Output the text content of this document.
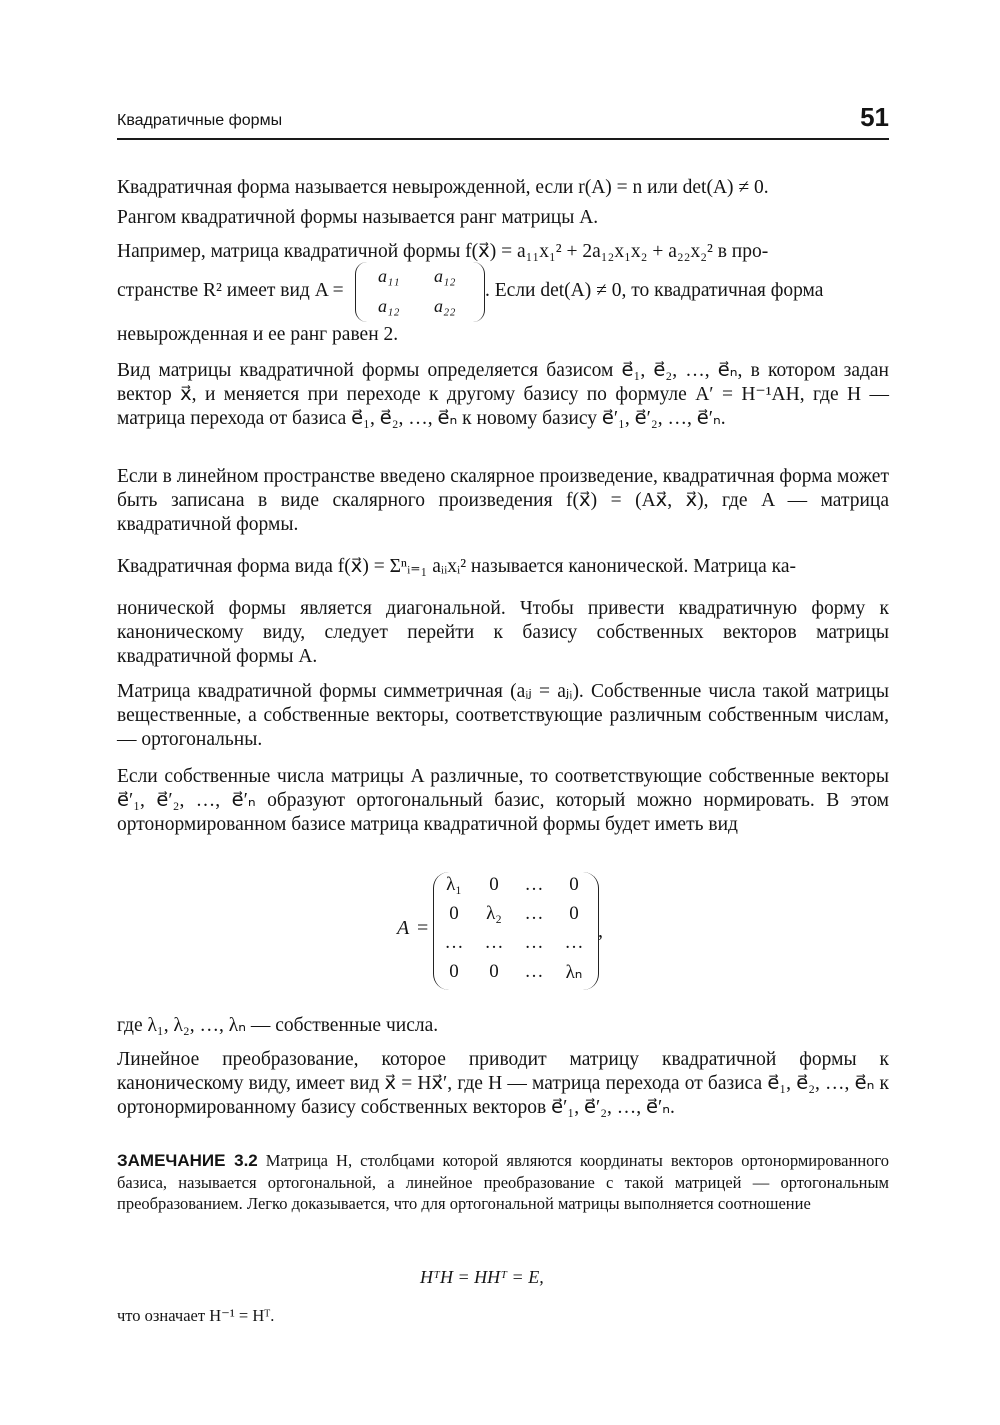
Квадратичные формы	51

Квадратичная форма называется невырожденной, если r(A) = n или det(A) ≠ 0.

Рангом квадратичной формы называется ранг матрицы A.

Например, матрица квадратичной формы f(x⃗) = a₁₁x₁² + 2a₁₂x₁x₂ + a₂₂x₂² в про-

странстве R² имеет вид A =

a₁₁ a₁₂
a₁₂ a₂₂

. Если det(A) ≠ 0, то квадратичная форма

невырожденная и ее ранг равен 2.

Вид матрицы квадратичной формы определяется базисом e⃗₁, e⃗₂, …, e⃗ₙ, в котором задан вектор x⃗, и меняется при переходе к другому базису по формуле A′ = H⁻¹AH, где H — матрица перехода от базиса e⃗₁, e⃗₂, …, e⃗ₙ к новому базису e⃗′₁, e⃗′₂, …, e⃗′ₙ.

Если в линейном пространстве введено скалярное произведение, квадратичная форма может быть записана в виде скалярного произведения f(x⃗) = (Ax⃗, x⃗), где A — матрица квадратичной формы.

Квадратичная форма вида f(x⃗) = Σⁿᵢ₌₁ aᵢᵢxᵢ² называется канонической. Матрица ка-

нонической формы является диагональной. Чтобы привести квадратичную форму к каноническому виду, следует перейти к базису собственных векторов матрицы квадратичной формы A.

Матрица квадратичной формы симметричная (aᵢⱼ = aⱼᵢ). Собственные числа такой матрицы вещественные, а собственные векторы, соответствующие различным собственным числам, — ортогональны.

Если собственные числа матрицы A различные, то соответствующие собственные векторы e⃗′₁, e⃗′₂, …, e⃗′ₙ образуют ортогональный базис, который можно нормировать. В этом ортонормированном базисе матрица квадратичной формы будет иметь вид

A =
λ₁	0	…	0
0	λ₂	…	0
…	…	…	…
0	0	…	λₙ
,

где λ₁, λ₂, …, λₙ — собственные числа.

Линейное преобразование, которое приводит матрицу квадратичной формы к каноническому виду, имеет вид x⃗ = Hx⃗′, где H — матрица перехода от базиса e⃗₁, e⃗₂, …, e⃗ₙ к ортонормированному базису собственных векторов e⃗′₁, e⃗′₂, …, e⃗′ₙ.

ЗАМЕЧАНИЕ 3.2 Матрица H, столбцами которой являются координаты векторов ортонормированного базиса, называется ортогональной, а линейное преобразование с такой матрицей — ортогональным преобразованием. Легко доказывается, что для ортогональной матрицы выполняется соотношение

HᵀH = HHᵀ = E,
что означает H⁻¹ = Hᵀ.
